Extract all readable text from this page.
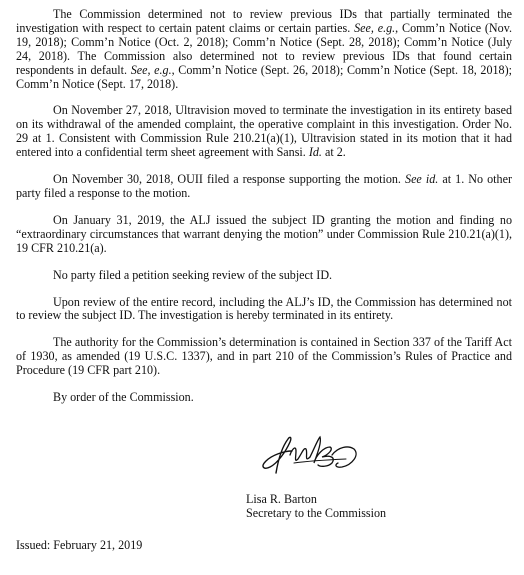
The Commission determined not to review previous IDs that partially terminated the investigation with respect to certain patent claims or certain parties. See, e.g., Comm’n Notice (Nov. 19, 2018); Comm’n Notice (Oct. 2, 2018); Comm’n Notice (Sept. 28, 2018); Comm’n Notice (July 24, 2018). The Commission also determined not to review previous IDs that found certain respondents in default. See, e.g., Comm’n Notice (Sept. 26, 2018); Comm’n Notice (Sept. 18, 2018); Comm’n Notice (Sept. 17, 2018).

On November 27, 2018, Ultravision moved to terminate the investigation in its entirety based on its withdrawal of the amended complaint, the operative complaint in this investigation. Order No. 29 at 1. Consistent with Commission Rule 210.21(a)(1), Ultravision stated in its motion that it had entered into a confidential term sheet agreement with Sansi. Id. at 2.

On November 30, 2018, OUII filed a response supporting the motion. See id. at 1. No other party filed a response to the motion.

On January 31, 2019, the ALJ issued the subject ID granting the motion and finding no “extraordinary circumstances that warrant denying the motion” under Commission Rule 210.21(a)(1), 19 CFR 210.21(a).

No party filed a petition seeking review of the subject ID.

Upon review of the entire record, including the ALJ’s ID, the Commission has determined not to review the subject ID. The investigation is hereby terminated in its entirety.

The authority for the Commission’s determination is contained in Section 337 of the Tariff Act of 1930, as amended (19 U.S.C. 1337), and in part 210 of the Commission’s Rules of Practice and Procedure (19 CFR part 210).

By order of the Commission.

Lisa R. Barton
Secretary to the Commission
Issued: February 21, 2019
